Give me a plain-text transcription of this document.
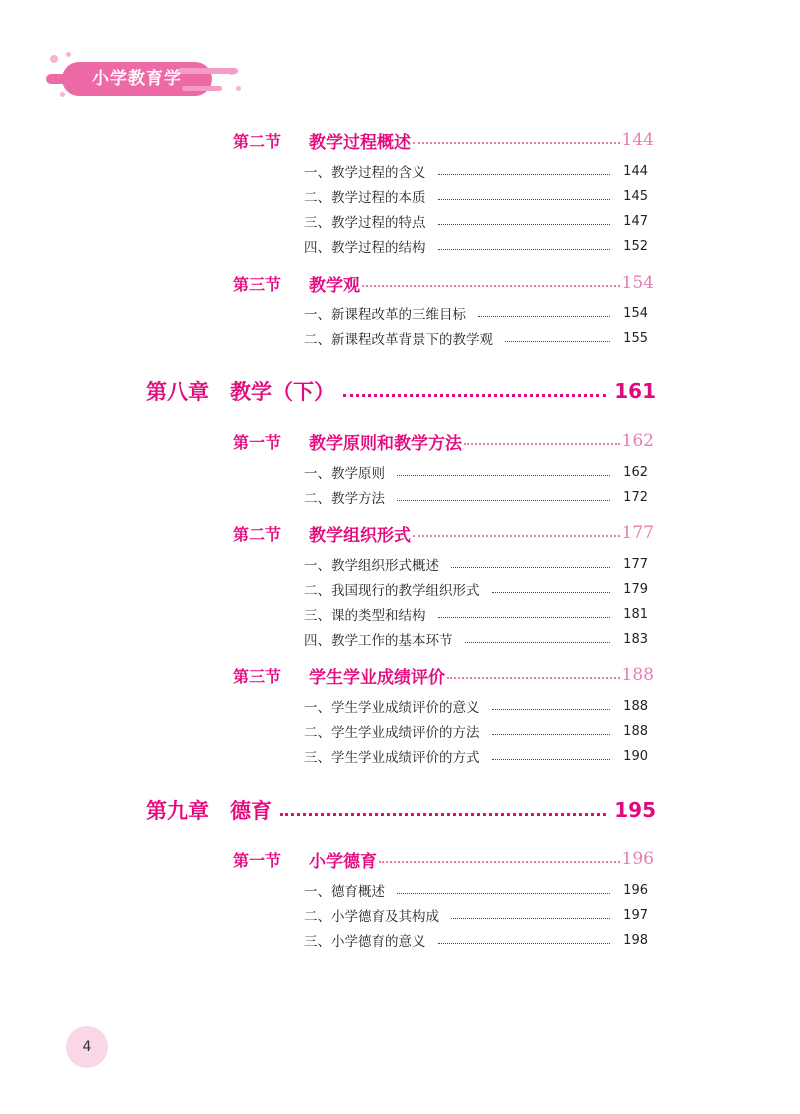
小学教育学
第二节	教学过程概述	144
一、教学过程的含义	144
二、教学过程的本质	145
三、教学过程的特点	147
四、教学过程的结构	152
第三节	教学观	154
一、新课程改革的三维目标	154
二、新课程改革背景下的教学观	155
第八章	教学（下）	161
第一节	教学原则和教学方法	162
一、教学原则	162
二、教学方法	172
第二节	教学组织形式	177
一、教学组织形式概述	177
二、我国现行的教学组织形式	179
三、课的类型和结构	181
四、教学工作的基本环节	183
第三节	学生学业成绩评价	188
一、学生学业成绩评价的意义	188
二、学生学业成绩评价的方法	188
三、学生学业成绩评价的方式	190
第九章	德育	195
第一节	小学德育	196
一、德育概述	196
二、小学德育及其构成	197
三、小学德育的意义	198
4
